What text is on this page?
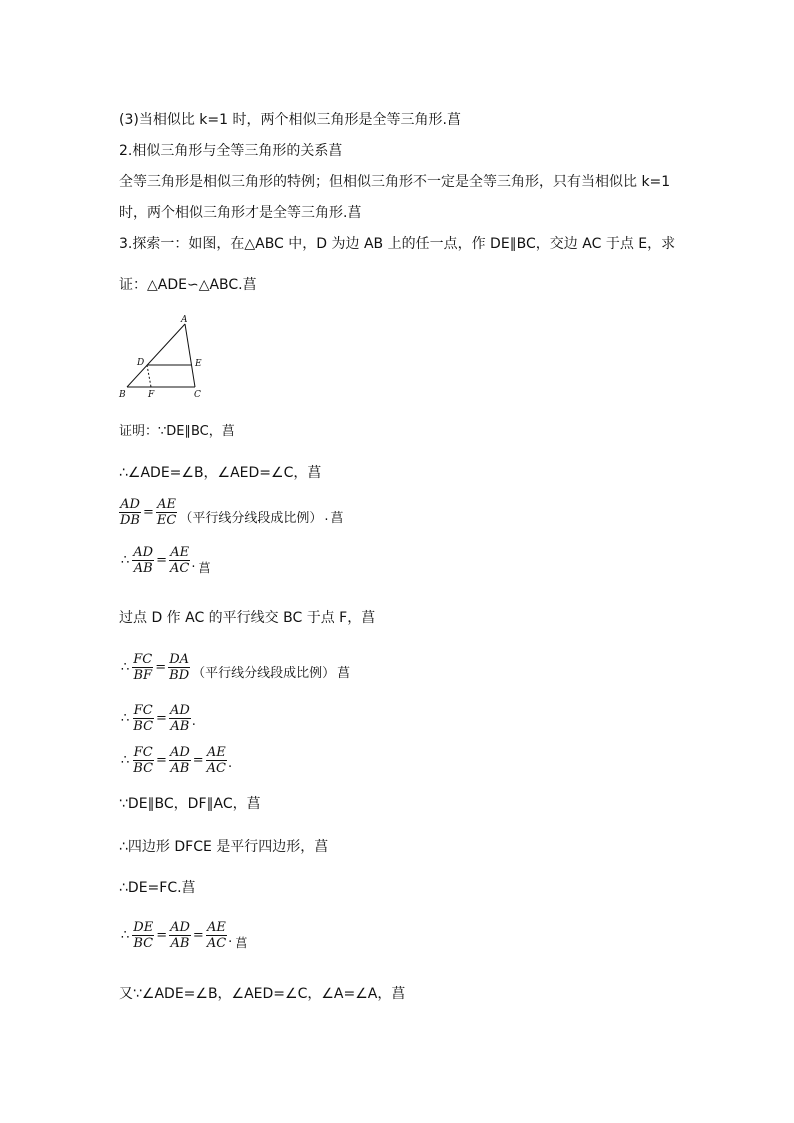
(3)当相似比 k=1 时，两个相似三角形是全等三角形.菖
2.相似三角形与全等三角形的关系菖
全等三角形是相似三角形的特例；但相似三角形不一定是全等三角形，只有当相似比 k=1
时，两个相似三角形才是全等三角形.菖
3.探索一：如图，在△ABC 中，D 为边 AB 上的任一点，作 DE∥BC，交边 AC 于点 E，求
证：△ADE∽△ABC.菖
A
D	E
B F	C
证明：∵DE∥BC，菖
∴∠ADE=∠B，∠AED=∠C，菖
$\frac{AD}{DB} = \frac{AE}{EC}$ （平行线分线段成比例） . 菖
∴ $\frac{AD}{AB} = \frac{AE}{AC}$ . 菖
过点 D 作 AC 的平行线交 BC 于点 F，菖
∴ $\frac{FC}{BF} = \frac{DA}{BD}$ （平行线分线段成比例） 菖
∴ $\frac{FC}{BC} = \frac{AD}{AB}$ .
∴ $\frac{FC}{BC} = \frac{AD}{AB} = \frac{AE}{AC}$ .
∵DE∥BC，DF∥AC，菖
∴四边形 DFCE 是平行四边形，菖
∴DE=FC.菖
∴ $\frac{DE}{BC} = \frac{AD}{AB} = \frac{AE}{AC}$ . 菖
又∵∠ADE=∠B，∠AED=∠C，∠A=∠A，菖
